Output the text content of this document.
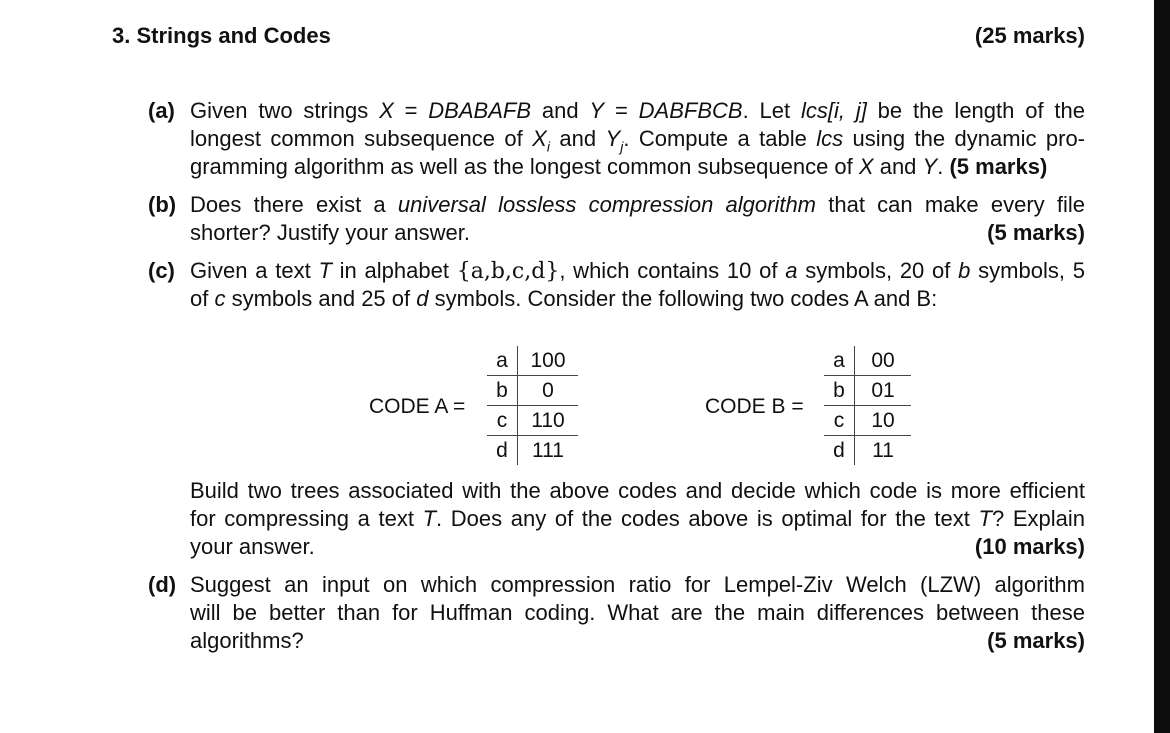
3. Strings and Codes	(25 marks)
(a) Given two strings X = DBABAFB and Y = DABFBCB. Let lcs[i, j] be the length of the
longest common subsequence of $X_i$ and $Y_j$. Compute a table lcs using the dynamic pro-
gramming algorithm as well as the longest common subsequence of X and Y. (5 marks)
(b) Does there exist a universal lossless compression algorithm that can make every file
shorter? Justify your answer.	(5 marks)
(c) Given a text T in alphabet {a,b,c,d}, which contains 10 of a symbols, 20 of b symbols, 5
of c symbols and 25 of d symbols. Consider the following two codes A and B:
CODE A =
a	100
b	0
c	110
d	111
CODE B =
a	00
b	01
c	10
d	11
Build two trees associated with the above codes and decide which code is more efficient
for compressing a text T. Does any of the codes above is optimal for the text T? Explain
your answer.	(10 marks)
(d) Suggest an input on which compression ratio for Lempel-Ziv Welch (LZW) algorithm
will be better than for Huffman coding. What are the main differences between these
algorithms?	(5 marks)
